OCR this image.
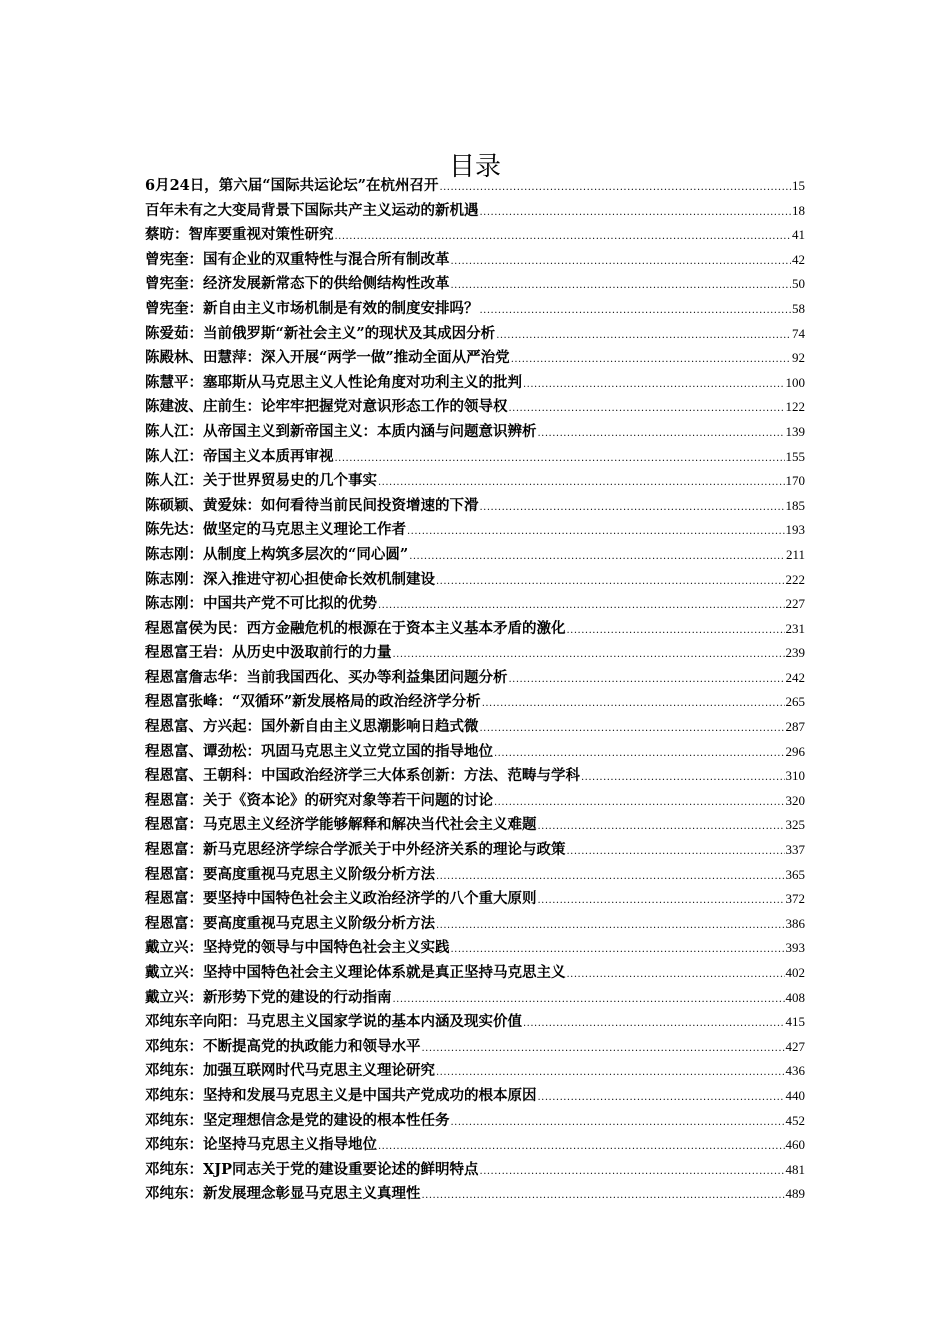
目录
6月24日，第六届“国际共运论坛”在杭州召开 .....	15
百年未有之大变局背景下国际共产主义运动的新机遇 .....	18
蔡昉：智库要重视对策性研究 .....	41
曾宪奎：国有企业的双重特性与混合所有制改革 .....	42
曾宪奎：经济发展新常态下的供给侧结构性改革 .....	50
曾宪奎：新自由主义市场机制是有效的制度安排吗？ .....	58
陈爱茹：当前俄罗斯“新社会主义”的现状及其成因分析 .....	74
陈殿林、田慧萍：深入开展“两学一做”推动全面从严治党 .....	92
陈慧平：塞耶斯从马克思主义人性论角度对功利主义的批判 .....	100
陈建波、庄前生：论牢牢把握党对意识形态工作的领导权 .....	122
陈人江：从帝国主义到新帝国主义：本质内涵与问题意识辨析 .....	139
陈人江：帝国主义本质再审视 .....	155
陈人江：关于世界贸易史的几个事实 .....	170
陈硕颖、黄爱妹：如何看待当前民间投资增速的下滑 .....	185
陈先达：做坚定的马克思主义理论工作者 .....	193
陈志刚：从制度上构筑多层次的“同心圆” .....	211
陈志刚：深入推进守初心担使命长效机制建设 .....	222
陈志刚：中国共产党不可比拟的优势 .....	227
程恩富侯为民：西方金融危机的根源在于资本主义基本矛盾的激化 .....	231
程恩富王岩：从历史中汲取前行的力量 .....	239
程恩富詹志华：当前我国西化、买办等利益集团问题分析 .....	242
程恩富张峰：“双循环”新发展格局的政治经济学分析 .....	265
程恩富、方兴起：国外新自由主义思潮影响日趋式微 .....	287
程恩富、谭劲松：巩固马克思主义立党立国的指导地位 .....	296
程恩富、王朝科：中国政治经济学三大体系创新：方法、范畴与学科 .....	310
程恩富：关于《资本论》的研究对象等若干问题的讨论 .....	320
程恩富：马克思主义经济学能够解释和解决当代社会主义难题 .....	325
程恩富：新马克思经济学综合学派关于中外经济关系的理论与政策 .....	337
程恩富：要高度重视马克思主义阶级分析方法 .....	365
程恩富：要坚持中国特色社会主义政治经济学的八个重大原则 .....	372
程恩富：要高度重视马克思主义阶级分析方法 .....	386
戴立兴：坚持党的领导与中国特色社会主义实践 .....	393
戴立兴：坚持中国特色社会主义理论体系就是真正坚持马克思主义 .....	402
戴立兴：新形势下党的建设的行动指南 .....	408
邓纯东辛向阳：马克思主义国家学说的基本内涵及现实价值 .....	415
邓纯东：不断提高党的执政能力和领导水平 .....	427
邓纯东：加强互联网时代马克思主义理论研究 .....	436
邓纯东：坚持和发展马克思主义是中国共产党成功的根本原因 .....	440
邓纯东：坚定理想信念是党的建设的根本性任务 .....	452
邓纯东：论坚持马克思主义指导地位 .....	460
邓纯东：XJP同志关于党的建设重要论述的鲜明特点 .....	481
邓纯东：新发展理念彰显马克思主义真理性 .....	489
